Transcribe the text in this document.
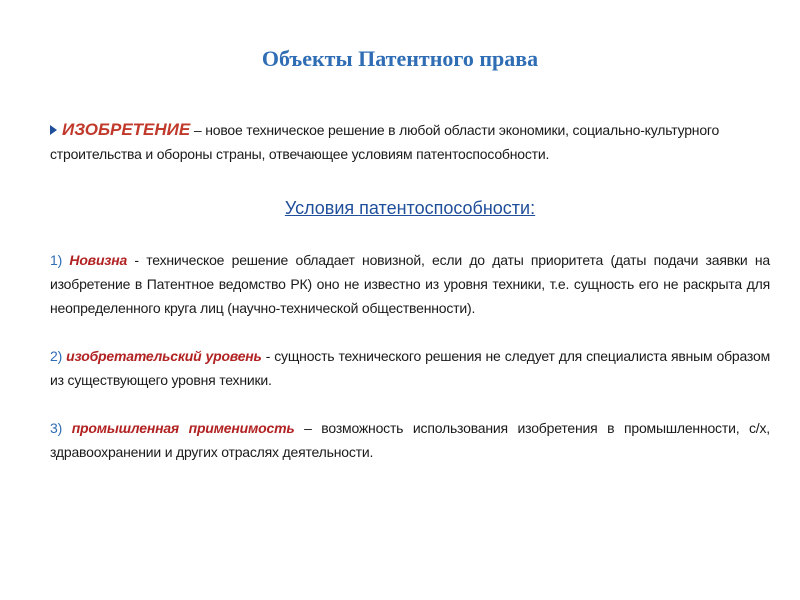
Объекты Патентного права

ИЗОБРЕТЕНИЕ – новое техническое решение в любой области экономики, социально-культурного строительства и обороны страны, отвечающее условиям патентоспособности.

Условия патентоспособности:

1) Новизна - техническое решение обладает новизной, если до даты приоритета (даты подачи заявки на изобретение в Патентное ведомство РК) оно не известно из уровня техники, т.е. сущность его не раскрыта для неопределенного круга лиц (научно-технической общественности).

2) изобретательский уровень - сущность технического решения не следует для специалиста явным образом из существующего уровня техники.

3) промышленная применимость – возможность использования изобретения в промышленности, с/х, здравоохранении и других отраслях деятельности.
